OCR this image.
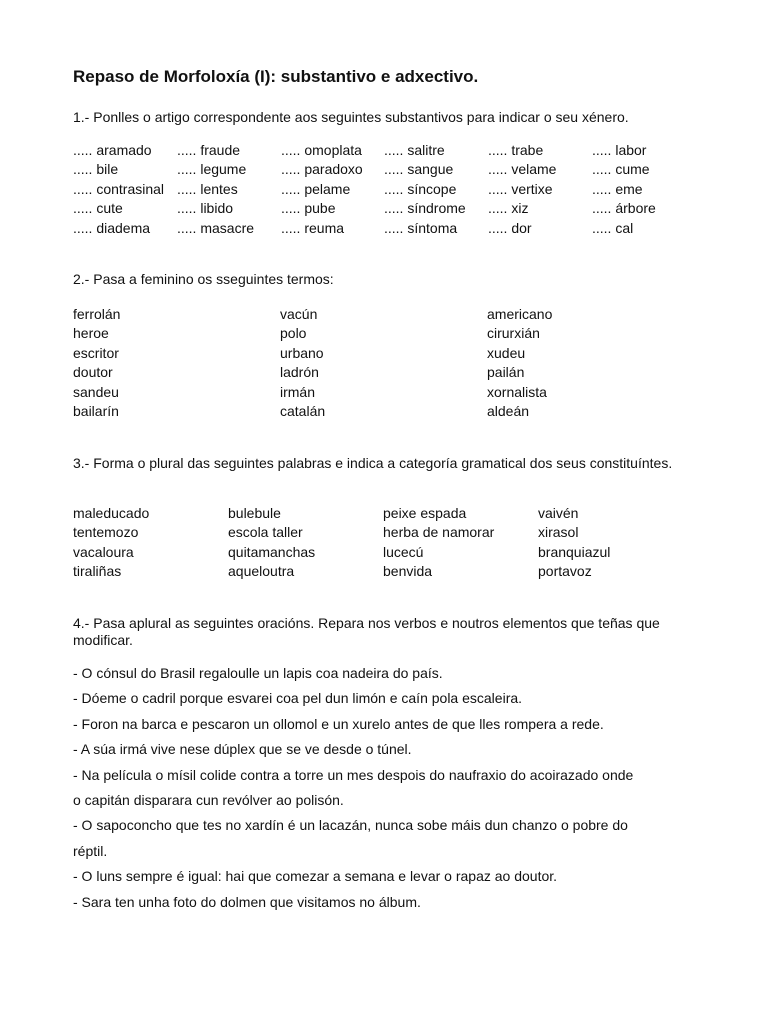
Repaso de Morfoloxía (I): substantivo e adxectivo.

1.- Ponlles o artigo correspondente aos seguintes substantivos para indicar o seu xénero.

..... aramado ..... fraude	..... omoplata ..... salitre	..... trabe	..... labor
..... bile	..... legume ..... paradoxo ..... sangue ..... velame	..... cume
..... contrasinal ..... lentes	..... pelame ..... síncope ..... vertixe	..... eme
..... cute	..... libido	..... pube	..... síndrome ..... xiz	..... árbore
..... diadema ..... masacre ..... reuma	..... síntoma ..... dor	..... cal

2.- Pasa a feminino os sseguintes termos:

ferrolán	vacún	americano
heroe	polo	cirurxián
escritor	urbano	xudeu
doutor	ladrón	pailán
sandeu	irmán	xornalista
bailarín	catalán	aldeán

3.- Forma o plural das seguintes palabras e indica a categoría gramatical dos seus constituíntes.

maleducado	bulebule	peixe espada	vaivén
tentemozo	escola taller	herba de namorar	xirasol
vacaloura	quitamanchas	lucecú	branquiazul
tiraliñas	aqueloutra	benvida	portavoz

4.- Pasa aplural as seguintes oracións. Repara nos verbos e noutros elementos que teñas que modificar.

- O cónsul do Brasil regaloulle un lapis coa nadeira do país.
- Dóeme o cadril porque esvarei coa pel dun limón e caín pola escaleira.
- Foron na barca e pescaron un ollomol e un xurelo antes de que lles rompera a rede.
- A súa irmá vive nese dúplex que se ve desde o túnel.
- Na película o mísil colide contra a torre un mes despois do naufraxio do acoirazado onde
o capitán disparara cun revólver ao polisón.
- O sapoconcho que tes no xardín é un lacazán, nunca sobe máis dun chanzo o pobre do
réptil.
- O luns sempre é igual: hai que comezar a semana e levar o rapaz ao doutor.
- Sara ten unha foto do dolmen que visitamos no álbum.
